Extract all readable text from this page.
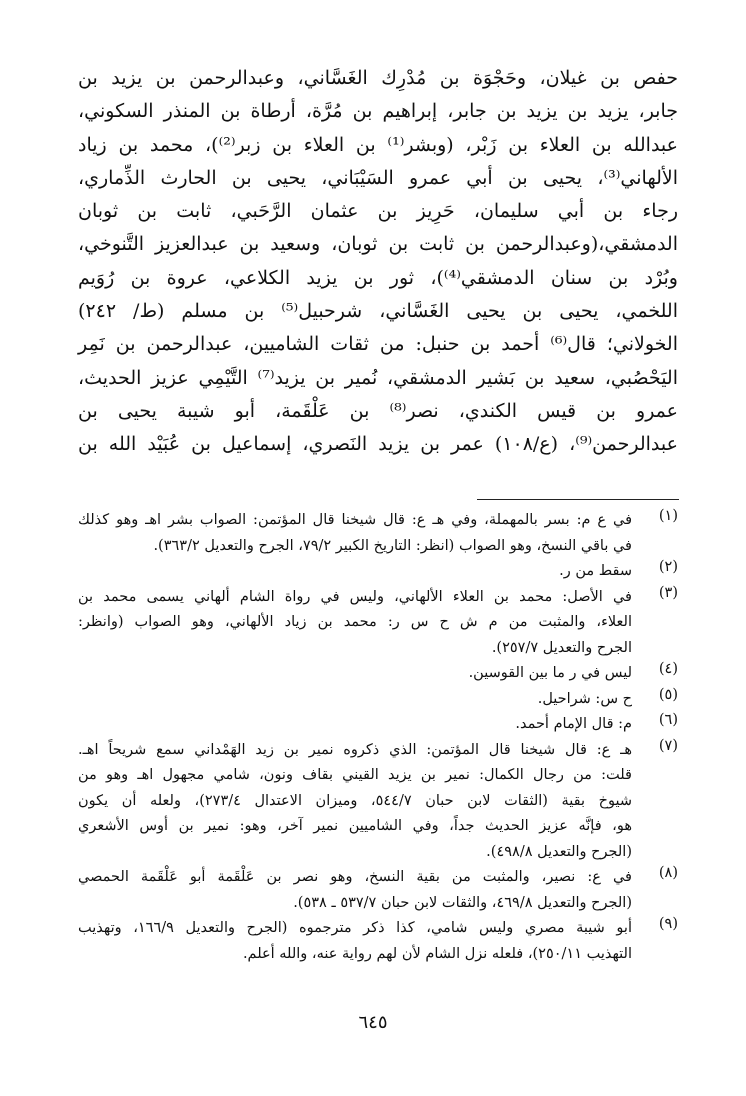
حفص بن غيلان، وحَجْوَة بن مُدْرِك الغَسَّاني، وعبدالرحمن بن يزيد بن
جابر، يزيد بن يزيد بن جابر، إبراهيم بن مُرَّة، أرطاة بن المنذر السكوني،
عبدالله بن العلاء بن زَبْر، (وبشر⁽¹⁾ بن العلاء بن زبر⁽²⁾)، محمد بن زياد
الألهاني⁽³⁾، يحيى بن أبي عمرو السَيْبَاني، يحيى بن الحارث الذِّماري،
رجاء بن أبي سليمان، حَرِيز بن عثمان الرَّحَبي، ثابت بن ثوبان
الدمشقي،(وعبدالرحمن بن ثابت بن ثوبان، وسعيد بن عبدالعزيز التَّنوخي،
وبُرْد بن سنان الدمشقي⁽⁴⁾)، ثور بن يزيد الكلاعي، عروة بن رُوَيم
اللخمي، يحيى بن يحيى الغَسَّاني، شرحبيل⁽⁵⁾ بن مسلم (ط/ ٢٤٢)
الخولاني؛ قال⁽⁶⁾ أحمد بن حنبل: من ثقات الشاميين، عبدالرحمن بن نَمِر
اليَحْصُبي، سعيد بن بَشير الدمشقي، نُمير بن يزيد⁽⁷⁾ التَّيْمِي عزيز الحديث،
عمرو بن قيس الكندي، نصر⁽⁸⁾ بن عَلْقَمة، أبو شيبة يحيى بن
عبدالرحمن⁽⁹⁾، (ع/١٠٨) عمر بن يزيد النَصري، إسماعيل بن عُبَيْد الله بن
(١)
في ع م: بسر بالمهملة، وفي هـ ع: قال شيخنا قال المؤتمن: الصواب بشر اهـ وهو كذلك
في باقي النسخ، وهو الصواب (انظر: التاريخ الكبير ٧٩/٢، الجرح والتعديل ٣٦٣/٢).
(٢)
سقط من ر.
(٣)
في الأصل: محمد بن العلاء الألهاني، وليس في رواة الشام ألهاني يسمى محمد بن
العلاء، والمثبت من م ش ح س ر: محمد بن زياد الألهاني، وهو الصواب (وانظر:
الجرح والتعديل ٢٥٧/٧).
(٤)
ليس في ر ما بين القوسين.
(٥)
ح س: شراحيل.
(٦)
م: قال الإمام أحمد.
(٧)
هـ ع: قال شيخنا قال المؤتمن: الذي ذكروه نمير بن زيد الهَمْداني سمع شريحاً اهـ.
قلت: من رجال الكمال: نمير بن يزيد القيني بقاف ونون، شامي مجهول اهـ وهو من
شيوخ بقية (الثقات لابن حبان ٥٤٤/٧، وميزان الاعتدال ٢٧٣/٤)، ولعله أن يكون
هو، فإنَّه عزيز الحديث جداً، وفي الشاميين نمير آخر، وهو: نمير بن أوس الأشعري
(الجرح والتعديل ٤٩٨/٨).
(٨)
في ع: نصير، والمثبت من بقية النسخ، وهو نصر بن عَلْقَمة أبو عَلْقَمة الحمصي
(الجرح والتعديل ٤٦٩/٨، والثقات لابن حبان ٥٣٧/٧ ـ ٥٣٨).
(٩)
أبو شيبة مصري وليس شامي، كذا ذكر مترجموه (الجرح والتعديل ١٦٦/٩، وتهذيب
التهذيب ٢٥٠/١١)، فلعله نزل الشام لأن لهم رواية عنه، والله أعلم.
٦٤٥
